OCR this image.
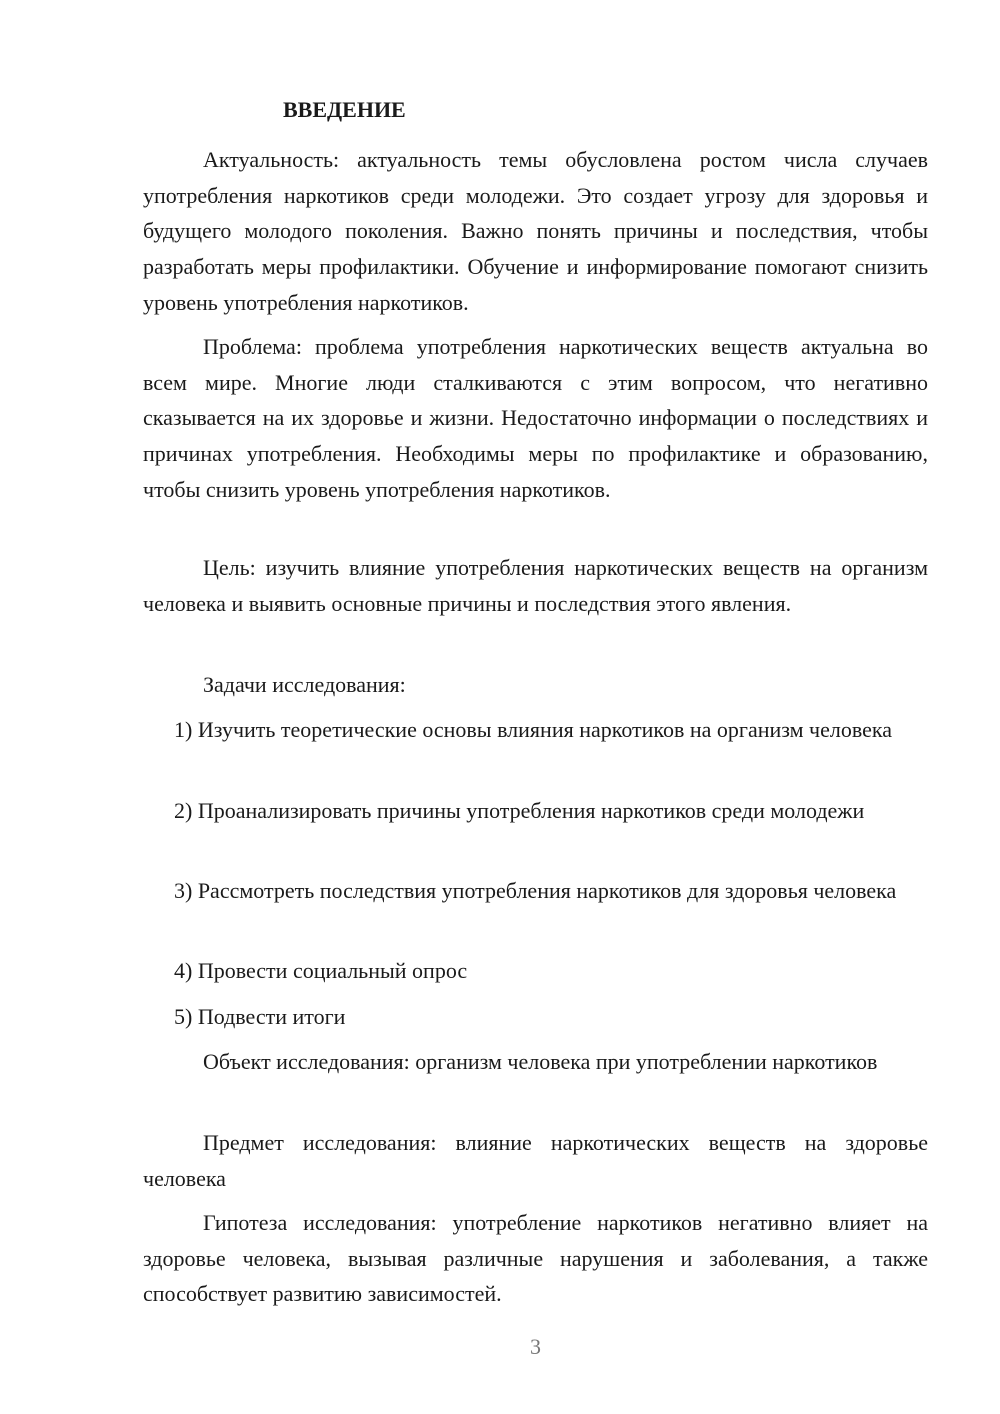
ВВЕДЕНИЕ

Актуальность: актуальность темы обусловлена ростом числа случаев употребления наркотиков среди молодежи. Это создает угрозу для здоровья и будущего молодого поколения. Важно понять причины и последствия, чтобы разработать меры профилактики. Обучение и информирование помогают снизить уровень употребления наркотиков.

Проблема: проблема употребления наркотических веществ актуальна во всем мире. Многие люди сталкиваются с этим вопросом, что негативно сказывается на их здоровье и жизни. Недостаточно информации о последствиях и причинах употребления. Необходимы меры по профилактике и образованию, чтобы снизить уровень употребления наркотиков.

Цель: изучить влияние употребления наркотических веществ на организм человека и выявить основные причины и последствия этого явления.

Задачи исследования:

1) Изучить теоретические основы влияния наркотиков на организм человека

2) Проанализировать причины употребления наркотиков среди молодежи

3) Рассмотреть последствия употребления наркотиков для здоровья человека

4) Провести социальный опрос

5) Подвести итоги

Объект исследования: организм человека при употреблении наркотиков

Предмет исследования: влияние наркотических веществ на здоровье человека

Гипотеза исследования: употребление наркотиков негативно влияет на здоровье человека, вызывая различные нарушения и заболевания, а также способствует развитию зависимостей.

3
